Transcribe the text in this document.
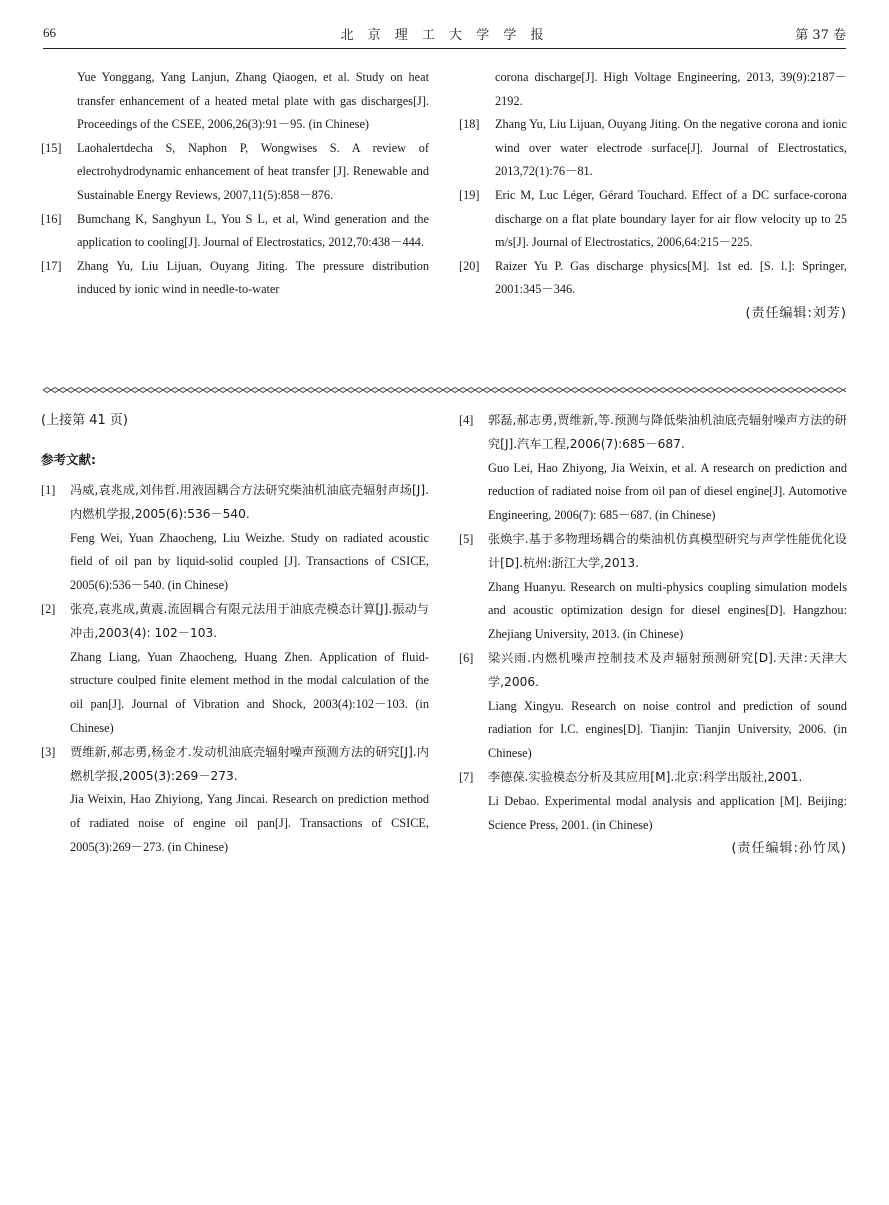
66	北 京 理 工 大 学 学 报	第 37 卷
Yue Yonggang, Yang Lanjun, Zhang Qiaogen, et al. Study on heat transfer enhancement of a heated metal plate with gas discharges[J]. Proceedings of the CSEE, 2006,26(3):91－95. (in Chinese)
[15] Laohalertdecha S, Naphon P, Wongwises S. A review of electrohydrodynamic enhancement of heat transfer [J]. Renewable and Sustainable Energy Reviews, 2007,11(5):858－876.
[16] Bumchang K, Sanghyun L, You S L, et al, Wind generation and the application to cooling[J]. Journal of Electrostatics, 2012,70:438－444.
[17] Zhang Yu, Liu Lijuan, Ouyang Jiting. The pressure distribution induced by ionic wind in needle-to-water
corona discharge[J]. High Voltage Engineering, 2013, 39(9):2187－2192.
[18] Zhang Yu, Liu Lijuan, Ouyang Jiting. On the negative corona and ionic wind over water electrode surface[J]. Journal of Electrostatics, 2013,72(1):76－81.
[19] Eric M, Luc Léger, Gérard Touchard. Effect of a DC surface-corona discharge on a flat plate boundary layer for air flow velocity up to 25 m/s[J]. Journal of Electrostatics, 2006,64:215－225.
[20] Raizer Yu P. Gas discharge physics[M]. 1st ed. [S. l.]: Springer, 2001:345－346.
(责任编辑:刘芳)
(上接第 41 页)
参考文献:
[1] 冯威,袁兆成,刘伟哲.用液固耦合方法研究柴油机油底壳辐射声场[J].内燃机学报,2005(6):536－540.
Feng Wei, Yuan Zhaocheng, Liu Weizhe. Study on radiated acoustic field of oil pan by liquid-solid coupled [J]. Transactions of CSICE, 2005(6):536－540. (in Chinese)
[2] 张亮,袁兆成,黄震.流固耦合有限元法用于油底壳模态计算[J].振动与冲击,2003(4): 102－103.
Zhang Liang, Yuan Zhaocheng, Huang Zhen. Application of fluid-structure coulped finite element method in the modal calculation of the oil pan[J]. Journal of Vibration and Shock, 2003(4):102－103. (in Chinese)
[3] 贾维新,郝志勇,杨金才.发动机油底壳辐射噪声预测方法的研究[J].内燃机学报,2005(3):269－273.
Jia Weixin, Hao Zhiyiong, Yang Jincai. Research on prediction method of radiated noise of engine oil pan[J]. Transactions of CSICE, 2005(3):269－273. (in Chinese)
[4] 郭磊,郝志勇,贾维新,等.预测与降低柴油机油底壳辐射噪声方法的研究[J].汽车工程,2006(7):685－687.
Guo Lei, Hao Zhiyong, Jia Weixin, et al. A research on prediction and reduction of radiated noise from oil pan of diesel engine[J]. Automotive Engineering, 2006(7): 685－687. (in Chinese)
[5] 张焕宇.基于多物理场耦合的柴油机仿真模型研究与声学性能优化设计[D].杭州:浙江大学,2013.
Zhang Huanyu. Research on multi-physics coupling simulation models and acoustic optimization design for diesel engines[D]. Hangzhou: Zhejiang University, 2013. (in Chinese)
[6] 梁兴雨.内燃机噪声控制技术及声辐射预测研究[D].天津:天津大学,2006.
Liang Xingyu. Research on noise control and prediction of sound radiation for I.C. engines[D]. Tianjin: Tianjin University, 2006. (in Chinese)
[7] 李德葆.实验模态分析及其应用[M].北京:科学出版社,2001.
Li Debao. Experimental modal analysis and application [M]. Beijing: Science Press, 2001. (in Chinese)
(责任编辑:孙竹凤)
